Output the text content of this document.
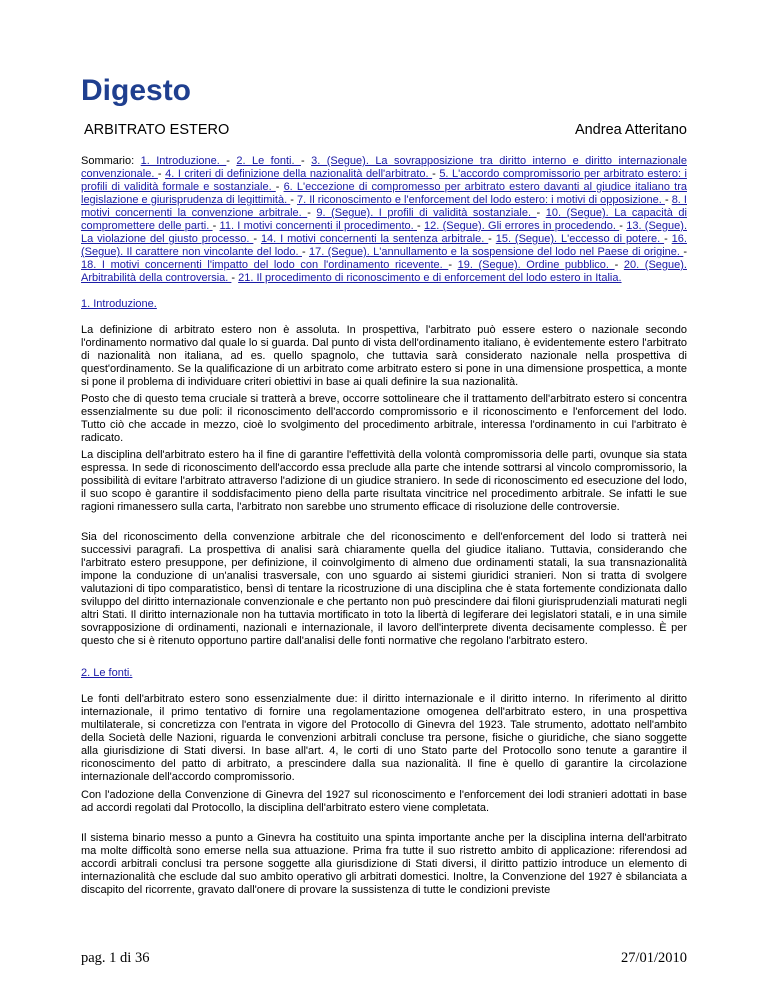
Digesto
ARBITRATO ESTERO	Andrea Atteritano

Sommario: 1. Introduzione. - 2. Le fonti. - 3. (Segue). La sovrapposizione tra diritto interno e diritto internazionale convenzionale. - 4. I criteri di definizione della nazionalità dell'arbitrato. - 5. L'accordo compromissorio per arbitrato estero: i profili di validità formale e sostanziale. - 6. L'eccezione di compromesso per arbitrato estero davanti al giudice italiano tra legislazione e giurisprudenza di legittimità. - 7. Il riconoscimento e l'enforcement del lodo estero: i motivi di opposizione. - 8. I motivi concernenti la convenzione arbitrale. - 9. (Segue). I profili di validità sostanziale. - 10. (Segue). La capacità di compromettere delle parti. - 11. I motivi concernenti il procedimento. - 12. (Segue). Gli errores in procedendo. - 13. (Segue). La violazione del giusto processo. - 14. I motivi concernenti la sentenza arbitrale. - 15. (Segue). L'eccesso di potere. - 16. (Segue). Il carattere non vincolante del lodo. - 17. (Segue). L'annullamento e la sospensione del lodo nel Paese di origine. - 18. I motivi concernenti l'impatto del lodo con l'ordinamento ricevente. - 19. (Segue). Ordine pubblico. - 20. (Segue). Arbitrabilità della controversia. - 21. Il procedimento di riconoscimento e di enforcement del lodo estero in Italia.

1. Introduzione.

La definizione di arbitrato estero non è assoluta. In prospettiva, l'arbitrato può essere estero o nazionale secondo l'ordinamento normativo dal quale lo si guarda. Dal punto di vista dell'ordinamento italiano, è evidentemente estero l'arbitrato di nazionalità non italiana, ad es. quello spagnolo, che tuttavia sarà considerato nazionale nella prospettiva di quest'ordinamento. Se la qualificazione di un arbitrato come arbitrato estero si pone in una dimensione prospettica, a monte si pone il problema di individuare criteri obiettivi in base ai quali definire la sua nazionalità.

Posto che di questo tema cruciale si tratterà a breve, occorre sottolineare che il trattamento dell'arbitrato estero si concentra essenzialmente su due poli: il riconoscimento dell'accordo compromissorio e il riconoscimento e l'enforcement del lodo. Tutto ciò che accade in mezzo, cioè lo svolgimento del procedimento arbitrale, interessa l'ordinamento in cui l'arbitrato è radicato.

La disciplina dell'arbitrato estero ha il fine di garantire l'effettività della volontà compromissoria delle parti, ovunque sia stata espressa. In sede di riconoscimento dell'accordo essa preclude alla parte che intende sottrarsi al vincolo compromissorio, la possibilità di evitare l'arbitrato attraverso l'adizione di un giudice straniero. In sede di riconoscimento ed esecuzione del lodo, il suo scopo è garantire il soddisfacimento pieno della parte risultata vincitrice nel procedimento arbitrale. Se infatti le sue ragioni rimanessero sulla carta, l'arbitrato non sarebbe uno strumento efficace di risoluzione delle controversie.

Sia del riconoscimento della convenzione arbitrale che del riconoscimento e dell'enforcement del lodo si tratterà nei successivi paragrafi. La prospettiva di analisi sarà chiaramente quella del giudice italiano. Tuttavia, considerando che l'arbitrato estero presuppone, per definizione, il coinvolgimento di almeno due ordinamenti statali, la sua transnazionalità impone la conduzione di un'analisi trasversale, con uno sguardo ai sistemi giuridici stranieri. Non si tratta di svolgere valutazioni di tipo comparatistico, bensì di tentare la ricostruzione di una disciplina che è stata fortemente condizionata dallo sviluppo del diritto internazionale convenzionale e che pertanto non può prescindere dai filoni giurisprudenziali maturati negli altri Stati. Il diritto internazionale non ha tuttavia mortificato in toto la libertà di legiferare dei legislatori statali, e in una simile sovrapposizione di ordinamenti, nazionali e internazionale, il lavoro dell'interprete diventa decisamente complesso. È per questo che si è ritenuto opportuno partire dall'analisi delle fonti normative che regolano l'arbitrato estero.

2. Le fonti.

Le fonti dell'arbitrato estero sono essenzialmente due: il diritto internazionale e il diritto interno. In riferimento al diritto internazionale, il primo tentativo di fornire una regolamentazione omogenea dell'arbitrato estero, in una prospettiva multilaterale, si concretizza con l'entrata in vigore del Protocollo di Ginevra del 1923. Tale strumento, adottato nell'ambito della Società delle Nazioni, riguarda le convenzioni arbitrali concluse tra persone, fisiche o giuridiche, che siano soggette alla giurisdizione di Stati diversi. In base all'art. 4, le corti di uno Stato parte del Protocollo sono tenute a garantire il riconoscimento del patto di arbitrato, a prescindere dalla sua nazionalità. Il fine è quello di garantire la circolazione internazionale dell'accordo compromissorio.

Con l'adozione della Convenzione di Ginevra del 1927 sul riconoscimento e l'enforcement dei lodi stranieri adottati in base ad accordi regolati dal Protocollo, la disciplina dell'arbitrato estero viene completata.

Il sistema binario messo a punto a Ginevra ha costituito una spinta importante anche per la disciplina interna dell'arbitrato ma molte difficoltà sono emerse nella sua attuazione. Prima fra tutte il suo ristretto ambito di applicazione: riferendosi ad accordi arbitrali conclusi tra persone soggette alla giurisdizione di Stati diversi, il diritto pattizio introduce un elemento di internazionalità che esclude dal suo ambito operativo gli arbitrati domestici. Inoltre, la Convenzione del 1927 è sbilanciata a discapito del ricorrente, gravato dall'onere di provare la sussistenza di tutte le condizioni previste

pag. 1 di 36	27/01/2010
